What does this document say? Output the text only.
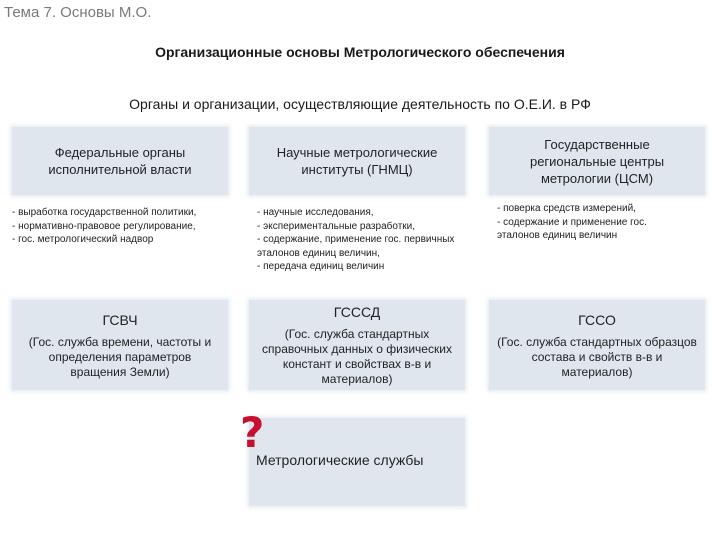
Тема 7. Основы М.О.
Организационные основы Метрологического обеспечения
Органы и организации, осуществляющие деятельность по О.Е.И. в РФ
Федеральные органы
исполнительной власти
Научные метрологические
институты (ГНМЦ)
Государственные
региональные центры
метрологии (ЦСМ)
- выработка государственной политики,
- нормативно-правовое регулирование,
- гос. метрологический надвор
- научные исследования,
- экспериментальные разработки,
- содержание, применение гос. первичных
эталонов единиц величин,
- передача единиц величин
- поверка средств измерений,
- содержание и применение гос.
эталонов единиц величин
ГСВЧ
(Гос. служба времени, частоты и определения параметров вращения Земли)
ГСССД
(Гос. служба стандартных справочных данных о физических констант и свойствах в-в и материалов)
ГССО
(Гос. служба стандартных образцов состава и свойств в-в и материалов)
?
Метрологические службы
